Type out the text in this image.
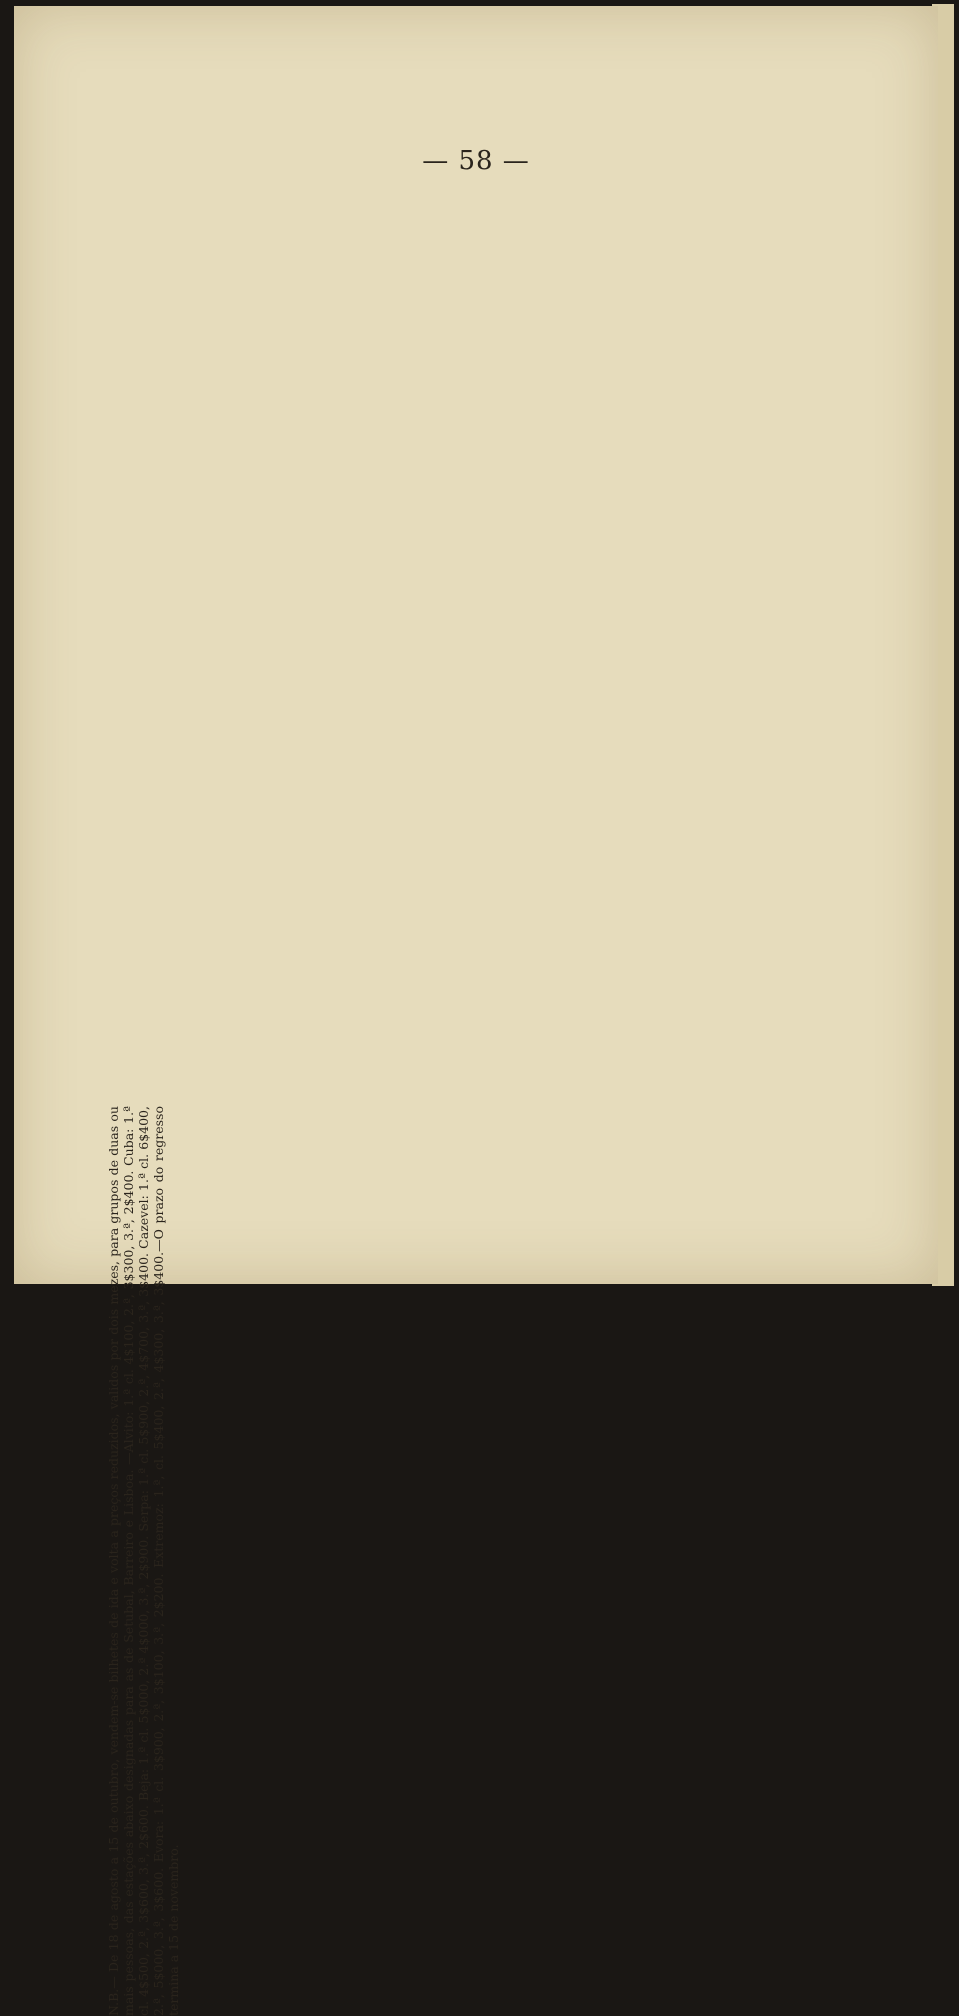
— 58 —

N.B.— De 18 de agosto a 15 de outubro, vendem-se bilhetes de ida e volta a preços reduzidos, validos por dois mezes, para grupos de duas ou mais pessoas, das estações abaixo designadas para as de Setubal, Barreiro e Lisboa. —Alvito: 1.ª cl. 4$100, 2.ª, 3$300, 3.ª, 2$400. Cuba: 1.ª cl. 4$500, 2.ª, 3$600, 3.ª, 2$600. Beja: 1.ª cl. 5$000, 2.ª 4$000, 3.ª, 2$900. Serpa: 1.ª cl. 5$900, 2.ª, 4$700, 3.ª, 3$400. Cazevel: 1.ª cl. 6$400, 2.ª, 5$000, 3.ª, 3$600. Evora: 1.ª cl. 3$900, 2.ª, 3$100, 3.ª, 2$200. Extremoz: 1.ª, cl. 5$400, 2.ª, 4$300, 3.ª, 3$400.—O prazo do regresso termina a 15 de novembro.
